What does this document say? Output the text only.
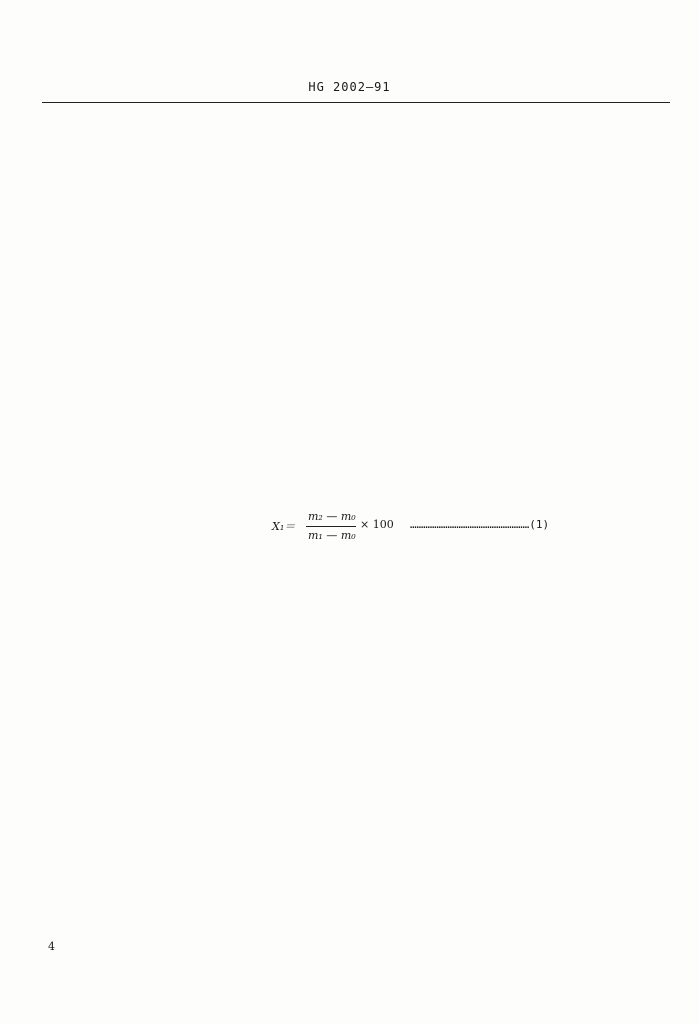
HG 2002—91
X₁＝
m₂ — m₀
m₁ — m₀
× 100 ………………………………………………(1)
4
